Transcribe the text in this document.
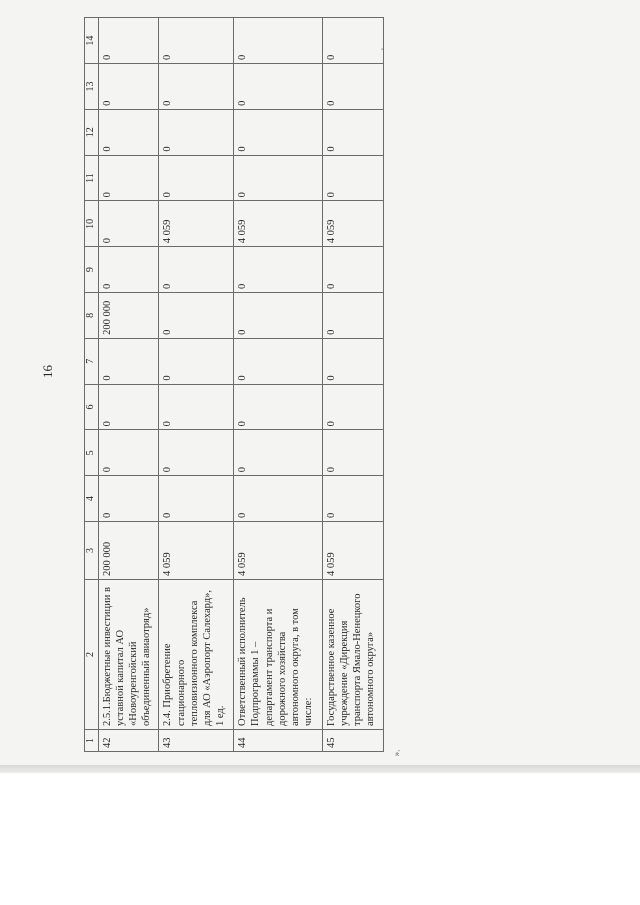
16
'
».
1	2	3	4	5	6	7	8	9	10	11	12	13	14
42	2.5.1.Бюджетные инвестиции в уставной капитал АО «Новоуренгойский объединенный авиаотряд»	200 000	0	0	0	0	200 000	0	0	0	0	0	0
43	2.4. Приобретение стационарного тепловизионного комплекса для АО «Аэропорт Салехард», 1 ед.	4 059	0	0	0	0	0	0	4 059	0	0	0	0
44	Ответственный исполнитель Подпрограммы 1 – департамент транспорта и дорожного хозяйства автономного округа, в том числе:	4 059	0	0	0	0	0	0	4 059	0	0	0	0
45	Государственное казенное учреждение «Дирекция транспорта Ямало-Ненецкого автономного округа»	4 059	0	0	0	0	0	0	4 059	0	0	0	0
